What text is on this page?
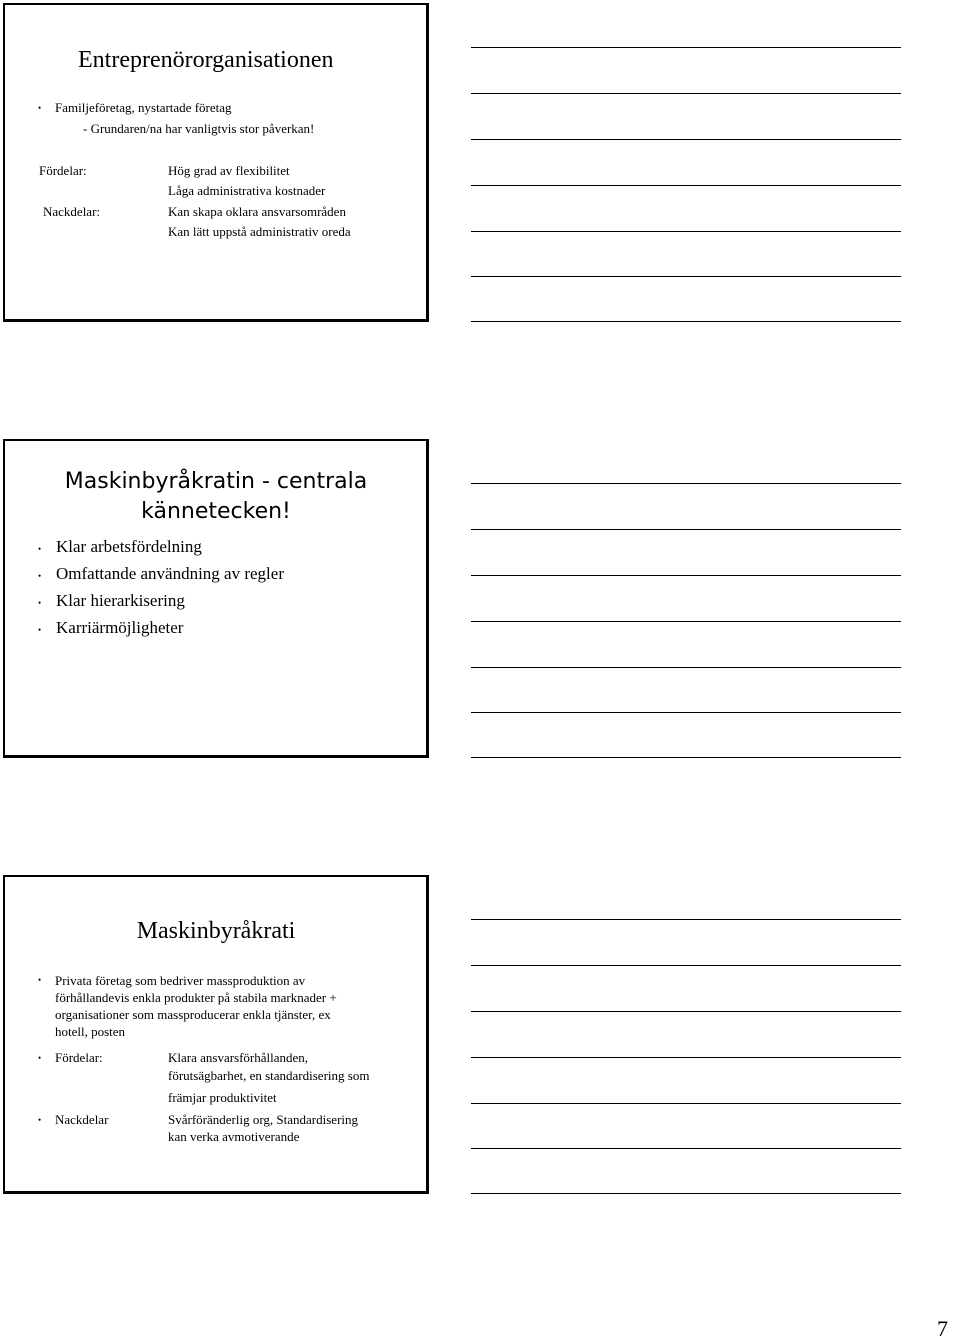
Entreprenörorganisationen
• Familjeföretag, nystartade företag
- Grundaren/na har vanligtvis stor påverkan!
Fördelar:	Hög grad av flexibilitet
Låga administrativa kostnader
Nackdelar:	Kan skapa oklara ansvarsområden
Kan lätt uppstå administrativ oreda
Maskinbyråkratin - centrala
kännetecken!
• Klar arbetsfördelning
• Omfattande användning av regler
• Klar hierarkisering
• Karriärmöjligheter
Maskinbyråkrati
• Privata företag som bedriver massproduktion av
förhållandevis enkla produkter på stabila marknader +
organisationer som massproducerar enkla tjänster, ex
hotell, posten
• Fördelar:	Klara ansvarsförhållanden,
förutsägbarhet, en standardisering som
främjar produktivitet
• Nackdelar	Svårföränderlig org, Standardisering
kan verka avmotiverande
7
